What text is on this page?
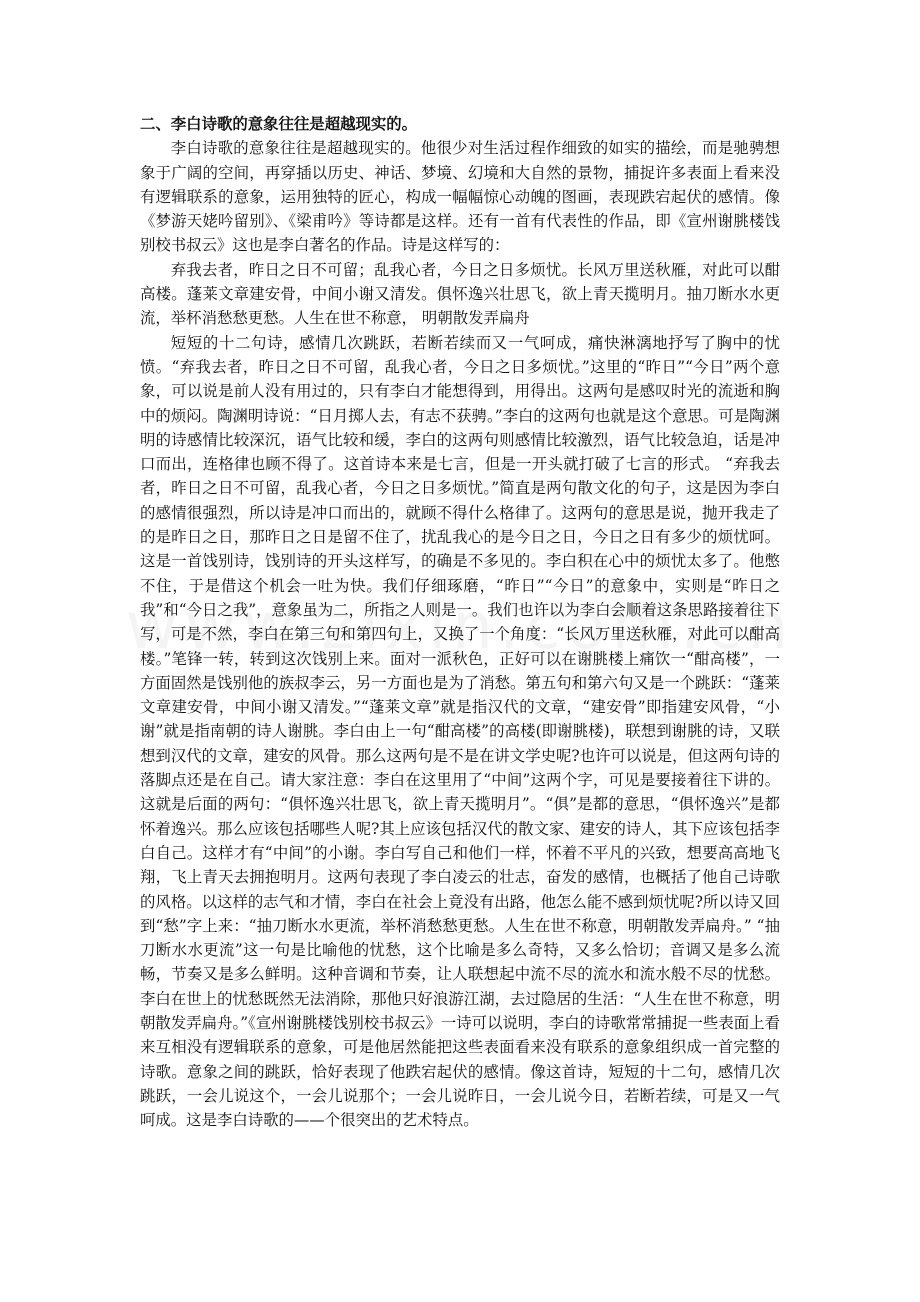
二、李白诗歌的意象往往是超越现实的。

李白诗歌的意象往往是超越现实的。他很少对生活过程作细致的如实的描绘，而是驰骋想象于广阔的空间，再穿插以历史、神话、梦境、幻境和大自然的景物，捕捉许多表面上看来没有逻辑联系的意象，运用独特的匠心，构成一幅幅惊心动魄的图画，表现跌宕起伏的感情。像《梦游天姥吟留别》、《梁甫吟》等诗都是这样。还有一首有代表性的作品，即《宣州谢朓楼饯别校书叔云》这也是李白著名的作品。诗是这样写的：

弃我去者，昨日之日不可留；乱我心者，今日之日多烦忧。长风万里送秋雁，对此可以酣高楼。蓬莱文章建安骨，中间小谢又清发。俱怀逸兴壮思飞，欲上青天揽明月。抽刀断水水更流，举杯消愁愁更愁。人生在世不称意， 明朝散发弄扁舟

短短的十二句诗，感情几次跳跃，若断若续而又一气呵成，痛快淋漓地抒写了胸中的忧愤。“弃我去者，昨日之日不可留，乱我心者，今日之日多烦忧。”这里的“昨日”“今日”两个意象，可以说是前人没有用过的，只有李白才能想得到，用得出。这两句是感叹时光的流逝和胸中的烦闷。陶渊明诗说：“日月掷人去，有志不获骋。”李白的这两句也就是这个意思。可是陶渊明的诗感情比较深沉，语气比较和缓，李白的这两句则感情比较激烈，语气比较急迫，话是冲口而出，连格律也顾不得了。这首诗本来是七言，但是一开头就打破了七言的形式。 “弃我去者，昨日之日不可留，乱我心者，今日之日多烦忧。”简直是两句散文化的句子，这是因为李白的感情很强烈，所以诗是冲口而出的，就顾不得什么格律了。这两句的意思是说，抛开我走了的是昨日之日，那昨日之日是留不住了，扰乱我心的是今日之日，今日之日有多少的烦忧呵。这是一首饯别诗，饯别诗的开头这样写，的确是不多见的。李白积在心中的烦忧太多了。他憋不住，于是借这个机会一吐为快。我们仔细琢磨，“昨日”“今日”的意象中，实则是“昨日之我”和“今日之我”，意象虽为二，所指之人则是一。我们也许以为李白会顺着这条思路接着往下写，可是不然，李白在第三句和第四句上，又换了一个角度：“长风万里送秋雁，对此可以酣高楼。”笔锋一转，转到这次饯别上来。面对一派秋色，正好可以在谢朓楼上痛饮一“酣高楼”，一方面固然是饯别他的族叔李云，另一方面也是为了消愁。第五句和第六句又是一个跳跃：“蓬莱文章建安骨，中间小谢又清发。”“蓬莱文章”就是指汉代的文章，“建安骨”即指建安风骨，“小谢”就是指南朝的诗人谢朓。李白由上一句“酣高楼”的高楼(即谢朓楼)，联想到谢朓的诗，又联想到汉代的文章，建安的风骨。那么这两句是不是在讲文学史呢?也许可以说是，但这两句诗的落脚点还是在自己。请大家注意：李白在这里用了“中间”这两个字，可见是要接着往下讲的。这就是后面的两句：“俱怀逸兴壮思飞，欲上青天揽明月”。“俱”是都的意思，“俱怀逸兴”是都怀着逸兴。那么应该包括哪些人呢?其上应该包括汉代的散文家、建安的诗人，其下应该包括李白自己。这样才有“中间”的小谢。李白写自己和他们一样，怀着不平凡的兴致，想要高高地飞翔，飞上青天去拥抱明月。这两句表现了李白凌云的壮志，奋发的感情，也概括了他自己诗歌的风格。以这样的志气和才情，李白在社会上竟没有出路，他怎么能不感到烦忧呢?所以诗又回到“愁”字上来：“抽刀断水水更流，举杯消愁愁更愁。人生在世不称意，明朝散发弄扁舟。” “抽刀断水水更流”这一句是比喻他的忧愁，这个比喻是多么奇特，又多么恰切；音调又是多么流畅，节奏又是多么鲜明。这种音调和节奏，让人联想起中流不尽的流水和流水般不尽的忧愁。李白在世上的忧愁既然无法消除，那他只好浪游江湖，去过隐居的生活：“人生在世不称意，明朝散发弄扁舟。”《宣州谢朓楼饯别校书叔云》一诗可以说明，李白的诗歌常常捕捉一些表面上看来互相没有逻辑联系的意象，可是他居然能把这些表面看来没有联系的意象组织成一首完整的诗歌。意象之间的跳跃，恰好表现了他跌宕起伏的感情。像这首诗，短短的十二句，感情几次跳跃，一会儿说这个，一会儿说那个；一会儿说昨日，一会儿说今日，若断若续，可是又一气呵成。这是李白诗歌的——个很突出的艺术特点。
